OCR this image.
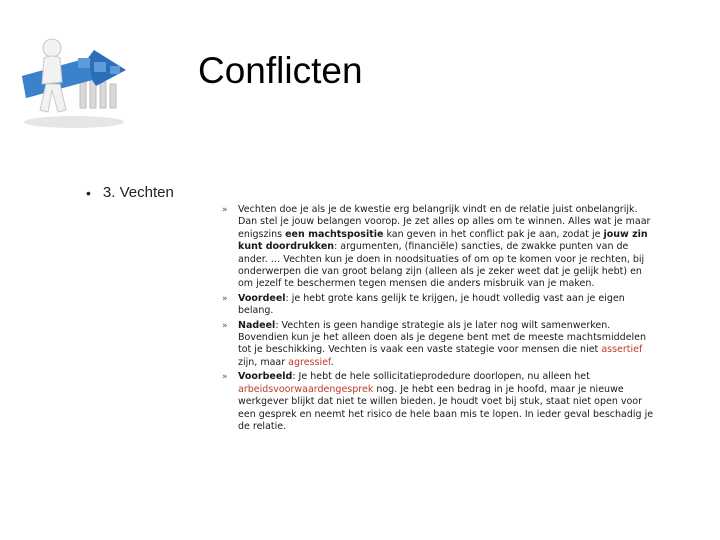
Conflicten
• 3. Vechten
» Vechten doe je als je de kwestie erg belangrijk vindt en de relatie juist onbelangrijk. Dan stel je jouw belangen voorop. Je zet alles op alles om te winnen. Alles wat je maar enigszins een machtspositie kan geven in het conflict pak je aan, zodat je jouw zin kunt doordrukken: argumenten, (financiële) sancties, de zwakke punten van de ander. … Vechten kun je doen in noodsituaties of om op te komen voor je rechten, bij onderwerpen die van groot belang zijn (alleen als je zeker weet dat je gelijk hebt) en om jezelf te beschermen tegen mensen die anders misbruik van je maken.
» Voordeel: je hebt grote kans gelijk te krijgen, je houdt volledig vast aan je eigen belang.
» Nadeel: Vechten is geen handige strategie als je later nog wilt samenwerken. Bovendien kun je het alleen doen als je degene bent met de meeste machtsmiddelen tot je beschikking. Vechten is vaak een vaste stategie voor mensen die niet assertief zijn, maar agressief.
» Voorbeeld: Je hebt de hele sollicitatieprodedure doorlopen, nu alleen het arbeidsvoorwaardengesprek nog. Je hebt een bedrag in je hoofd, maar je nieuwe werkgever blijkt dat niet te willen bieden. Je houdt voet bij stuk, staat niet open voor een gesprek en neemt het risico de hele baan mis te lopen. In ieder geval beschadig je de relatie.
